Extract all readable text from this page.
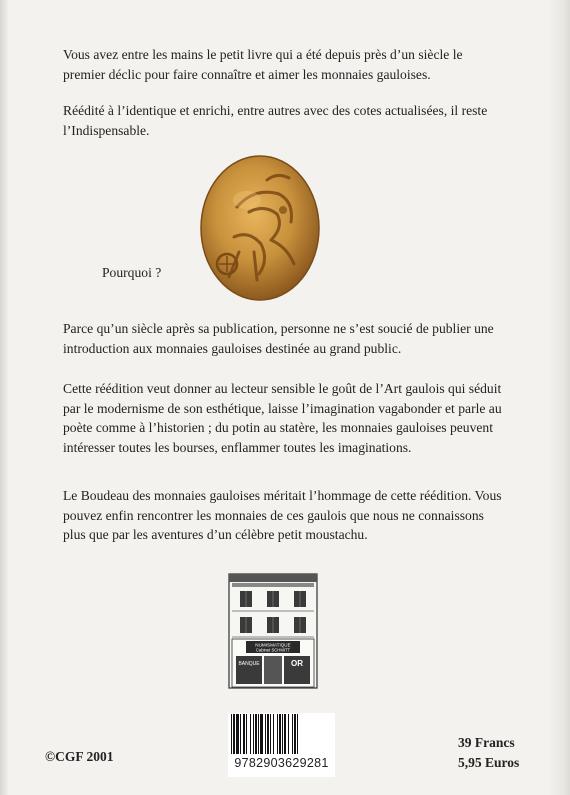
Vous avez entre les mains le petit livre qui a été depuis près d’un siècle le premier déclic pour faire connaître et aimer les monnaies gauloises.

Réédité à l’identique et enrichi, entre autres avec des cotes actualisées, il reste l’Indispensable.

Pourquoi ?

Parce qu’un siècle après sa publication, personne ne s’est soucié de publier une introduction aux monnaies gauloises destinée au grand public.

Cette réédition veut donner au lecteur sensible le goût de l’Art gaulois qui séduit par le modernisme de son esthétique, laisse l’imagination vagabonder et parle au poète comme à l’historien ; du potin au statère, les monnaies gauloises peuvent intéresser toutes les bourses, enflammer toutes les imaginations.

Le Boudeau des monnaies gauloises méritait l’hommage de cette réédition. Vous pouvez enfin rencontrer les monnaies de ces gaulois que nous ne connaissons plus que par les aventures d’un célèbre petit moustachu.

NUMISMATIQUE
Cabinet SCHMITT
BANQUE	OR
9782903629281

©CGF 2001

39 Francs
5,95 Euros
